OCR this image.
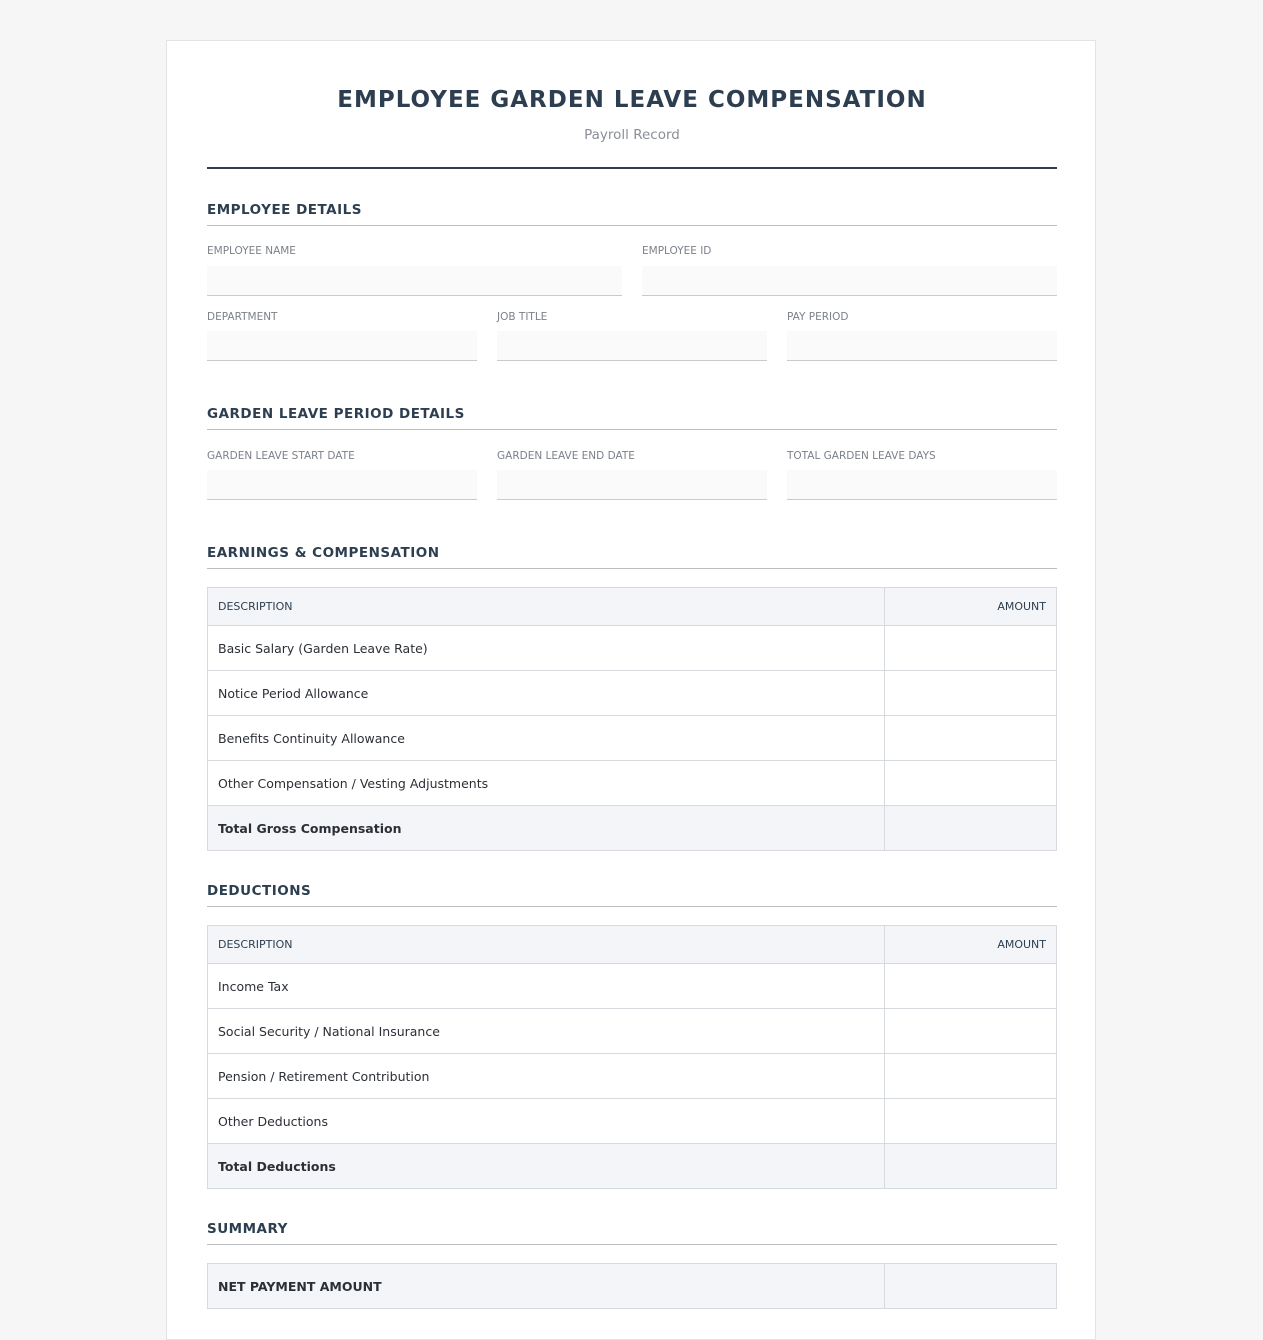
EMPLOYEE GARDEN LEAVE COMPENSATION
Payroll Record
EMPLOYEE DETAILS
EMPLOYEE NAME	EMPLOYEE ID
DEPARTMENT	JOB TITLE	PAY PERIOD
GARDEN LEAVE PERIOD DETAILS
GARDEN LEAVE START DATE	GARDEN LEAVE END DATE	TOTAL GARDEN LEAVE DAYS
EARNINGS & COMPENSATION
DESCRIPTION	AMOUNT
Basic Salary (Garden Leave Rate)	
Notice Period Allowance	
Benefits Continuity Allowance	
Other Compensation / Vesting Adjustments	
Total Gross Compensation	
DEDUCTIONS
DESCRIPTION	AMOUNT
Income Tax	
Social Security / National Insurance	
Pension / Retirement Contribution	
Other Deductions	
Total Deductions	
SUMMARY
NET PAYMENT AMOUNT	
